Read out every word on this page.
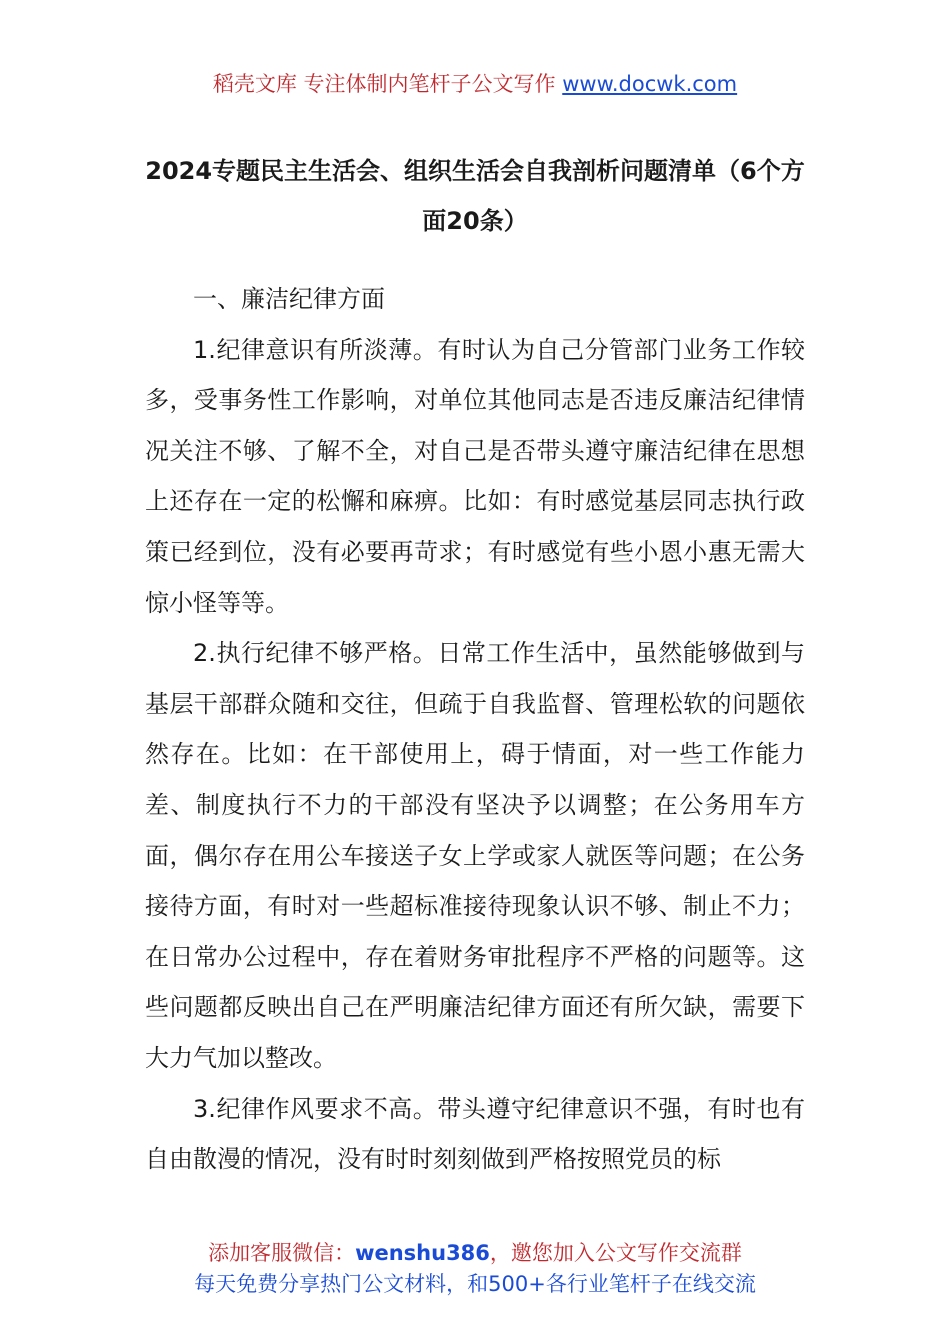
稻壳文库 专注体制内笔杆子公文写作 www.docwk.com
2024专题民主生活会、组织生活会自我剖析问题清单（6个方面20条）

一、廉洁纪律方面

1.纪律意识有所淡薄。有时认为自己分管部门业务工作较多，受事务性工作影响，对单位其他同志是否违反廉洁纪律情况关注不够、了解不全，对自己是否带头遵守廉洁纪律在思想上还存在一定的松懈和麻痹。比如：有时感觉基层同志执行政策已经到位，没有必要再苛求；有时感觉有些小恩小惠无需大惊小怪等等。

2.执行纪律不够严格。日常工作生活中，虽然能够做到与基层干部群众随和交往，但疏于自我监督、管理松软的问题依然存在。比如：在干部使用上，碍于情面，对一些工作能力差、制度执行不力的干部没有坚决予以调整；在公务用车方面，偶尔存在用公车接送子女上学或家人就医等问题；在公务接待方面，有时对一些超标准接待现象认识不够、制止不力；在日常办公过程中，存在着财务审批程序不严格的问题等。这些问题都反映出自己在严明廉洁纪律方面还有所欠缺，需要下大力气加以整改。

3.纪律作风要求不高。带头遵守纪律意识不强，有时也有自由散漫的情况，没有时时刻刻做到严格按照党员的标

添加客服微信：wenshu386，邀您加入公文写作交流群
每天免费分享热门公文材料，和500+各行业笔杆子在线交流
